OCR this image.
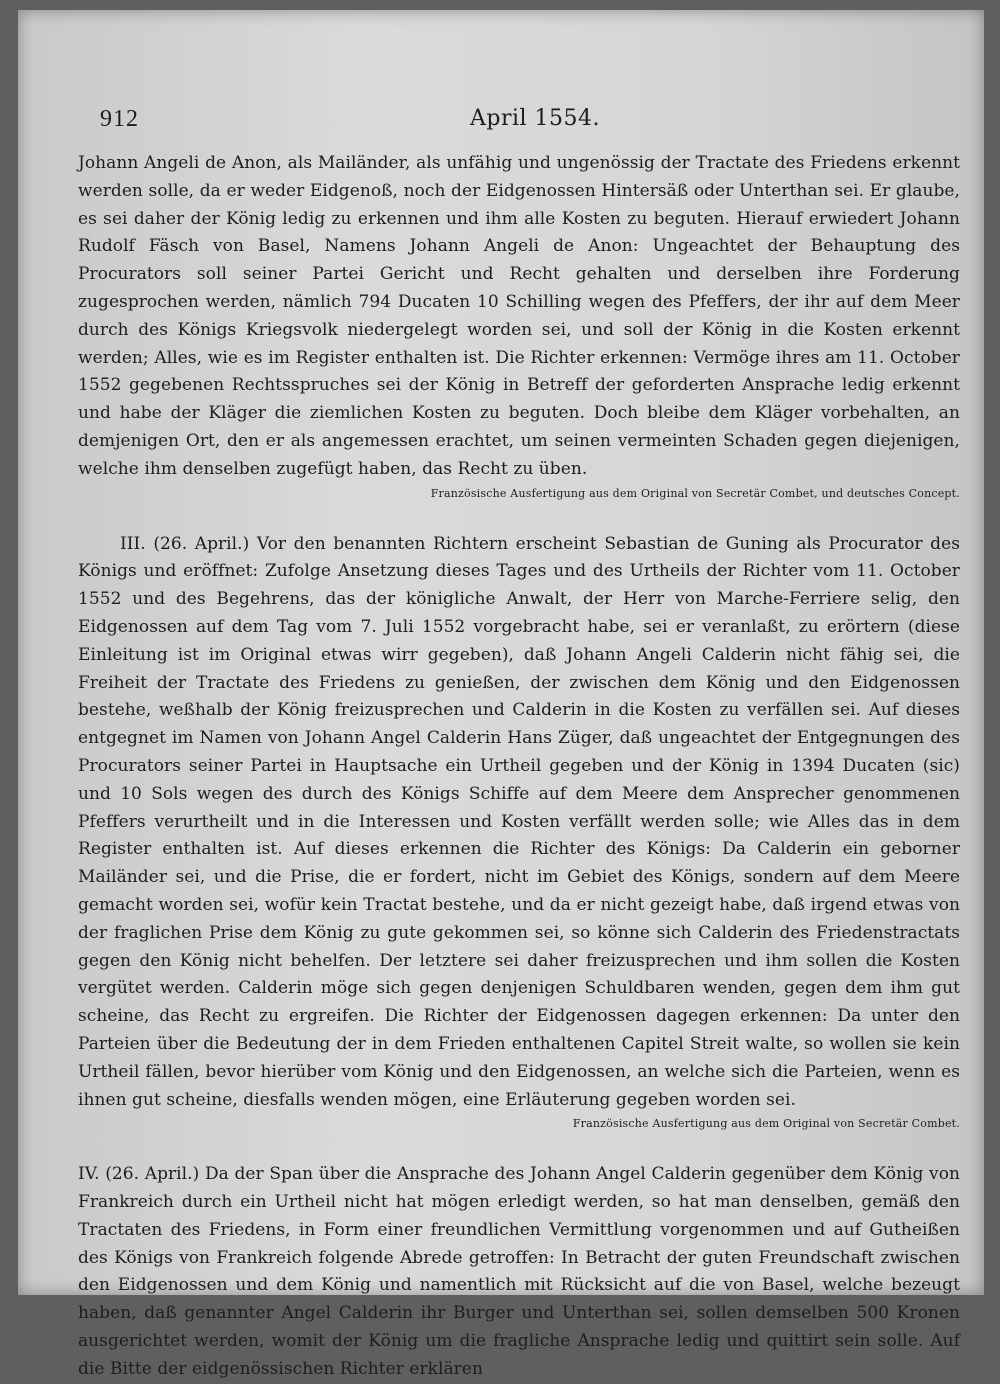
912	April 1554.

Johann Angeli de Anon, als Mailänder, als unfähig und ungenössig der Tractate des Friedens erkennt werden solle, da er weder Eidgenoß, noch der Eidgenossen Hintersäß oder Unterthan sei. Er glaube, es sei daher der König ledig zu erkennen und ihm alle Kosten zu beguten. Hierauf erwiedert Johann Rudolf Fäsch von Basel, Namens Johann Angeli de Anon: Ungeachtet der Behauptung des Procurators soll seiner Partei Gericht und Recht gehalten und derselben ihre Forderung zugesprochen werden, nämlich 794 Ducaten 10 Schilling wegen des Pfeffers, der ihr auf dem Meer durch des Königs Kriegsvolk niedergelegt worden sei, und soll der König in die Kosten erkennt werden; Alles, wie es im Register enthalten ist. Die Richter erkennen: Vermöge ihres am 11. October 1552 gegebenen Rechtsspruches sei der König in Betreff der geforderten Ansprache ledig erkennt und habe der Kläger die ziemlichen Kosten zu beguten. Doch bleibe dem Kläger vorbehalten, an demjenigen Ort, den er als angemessen erachtet, um seinen vermeinten Schaden gegen diejenigen, welche ihm denselben zugefügt haben, das Recht zu üben.

Französische Ausfertigung aus dem Original von Secretär Combet, und deutsches Concept.

III. (26. April.) Vor den benannten Richtern erscheint Sebastian de Guning als Procurator des Königs und eröffnet: Zufolge Ansetzung dieses Tages und des Urtheils der Richter vom 11. October 1552 und des Begehrens, das der königliche Anwalt, der Herr von Marche-Ferriere selig, den Eidgenossen auf dem Tag vom 7. Juli 1552 vorgebracht habe, sei er veranlaßt, zu erörtern (diese Einleitung ist im Original etwas wirr gegeben), daß Johann Angeli Calderin nicht fähig sei, die Freiheit der Tractate des Friedens zu genießen, der zwischen dem König und den Eidgenossen bestehe, weßhalb der König freizusprechen und Calderin in die Kosten zu verfällen sei. Auf dieses entgegnet im Namen von Johann Angel Calderin Hans Züger, daß ungeachtet der Entgegnungen des Procurators seiner Partei in Hauptsache ein Urtheil gegeben und der König in 1394 Ducaten (sic) und 10 Sols wegen des durch des Königs Schiffe auf dem Meere dem Ansprecher genommenen Pfeffers verurtheilt und in die Interessen und Kosten verfällt werden solle; wie Alles das in dem Register enthalten ist. Auf dieses erkennen die Richter des Königs: Da Calderin ein geborner Mailänder sei, und die Prise, die er fordert, nicht im Gebiet des Königs, sondern auf dem Meere gemacht worden sei, wofür kein Tractat bestehe, und da er nicht gezeigt habe, daß irgend etwas von der fraglichen Prise dem König zu gute gekommen sei, so könne sich Calderin des Friedenstractats gegen den König nicht behelfen. Der letztere sei daher freizusprechen und ihm sollen die Kosten vergütet werden. Calderin möge sich gegen denjenigen Schuldbaren wenden, gegen dem ihm gut scheine, das Recht zu ergreifen. Die Richter der Eidgenossen dagegen erkennen: Da unter den Parteien über die Bedeutung der in dem Frieden enthaltenen Capitel Streit walte, so wollen sie kein Urtheil fällen, bevor hierüber vom König und den Eidgenossen, an welche sich die Parteien, wenn es ihnen gut scheine, diesfalls wenden mögen, eine Erläuterung gegeben worden sei.

Französische Ausfertigung aus dem Original von Secretär Combet.

IV. (26. April.) Da der Span über die Ansprache des Johann Angel Calderin gegenüber dem König von Frankreich durch ein Urtheil nicht hat mögen erledigt werden, so hat man denselben, gemäß den Tractaten des Friedens, in Form einer freundlichen Vermittlung vorgenommen und auf Gutheißen des Königs von Frankreich folgende Abrede getroffen: In Betracht der guten Freundschaft zwischen den Eidgenossen und dem König und namentlich mit Rücksicht auf die von Basel, welche bezeugt haben, daß genannter Angel Calderin ihr Burger und Unterthan sei, sollen demselben 500 Kronen ausgerichtet werden, womit der König um die fragliche Ansprache ledig und quittirt sein solle. Auf die Bitte der eidgenössischen Richter erklären
